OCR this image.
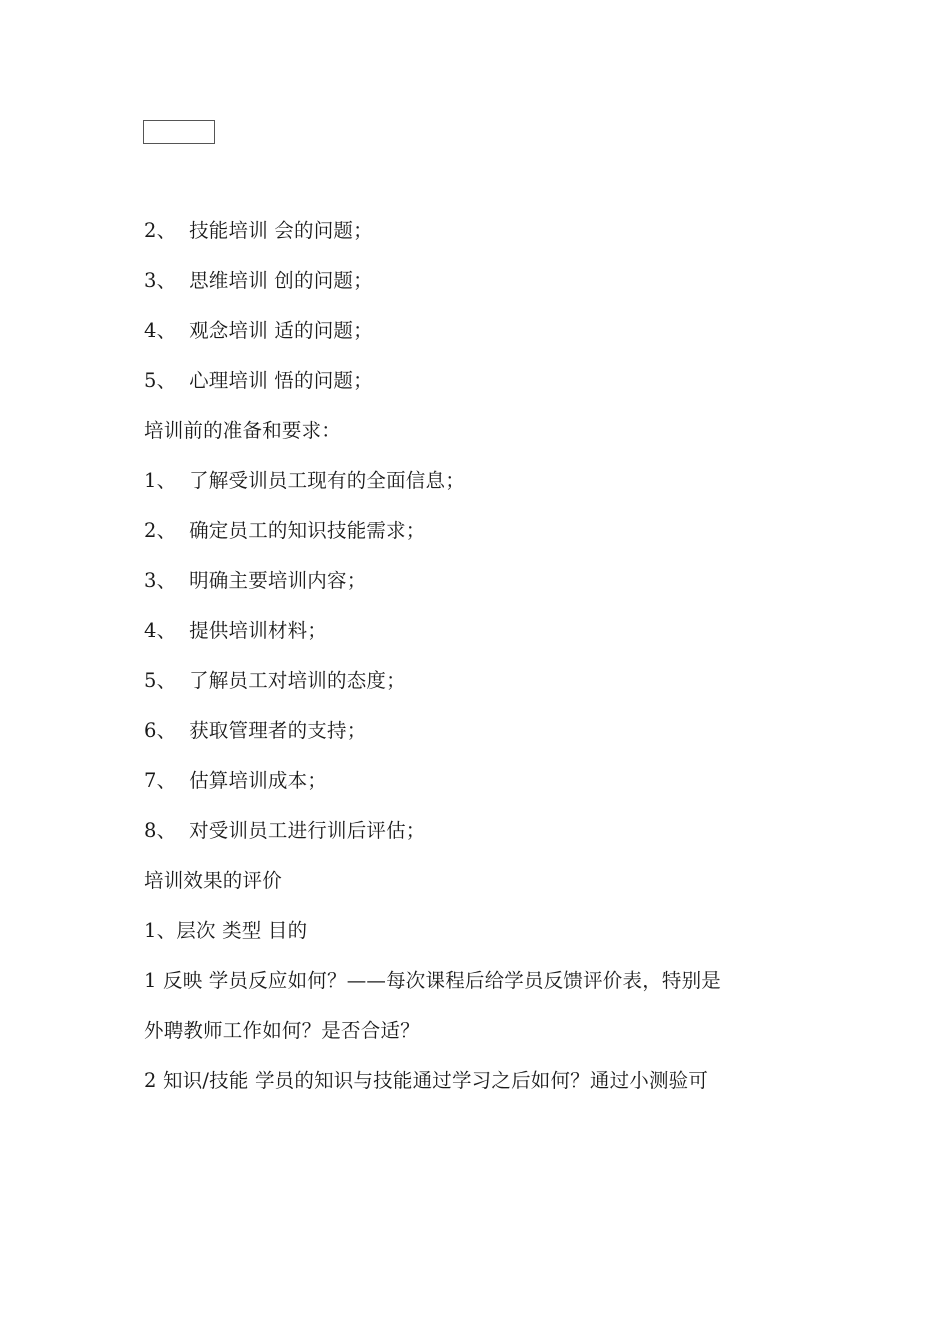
2、  技能培训 会的问题；
3、  思维培训 创的问题；
4、  观念培训 适的问题；
5、  心理培训 悟的问题；
培训前的准备和要求：
1、  了解受训员工现有的全面信息；
2、  确定员工的知识技能需求；
3、  明确主要培训内容；
4、  提供培训材料；
5、  了解员工对培训的态度；
6、  获取管理者的支持；
7、  估算培训成本；
8、  对受训员工进行训后评估；
培训效果的评价
1、层次 类型 目的
1 反映 学员反应如何？——每次课程后给学员反馈评价表，特别是
外聘教师工作如何？是否合适？
2 知识/技能 学员的知识与技能通过学习之后如何？通过小测验可
